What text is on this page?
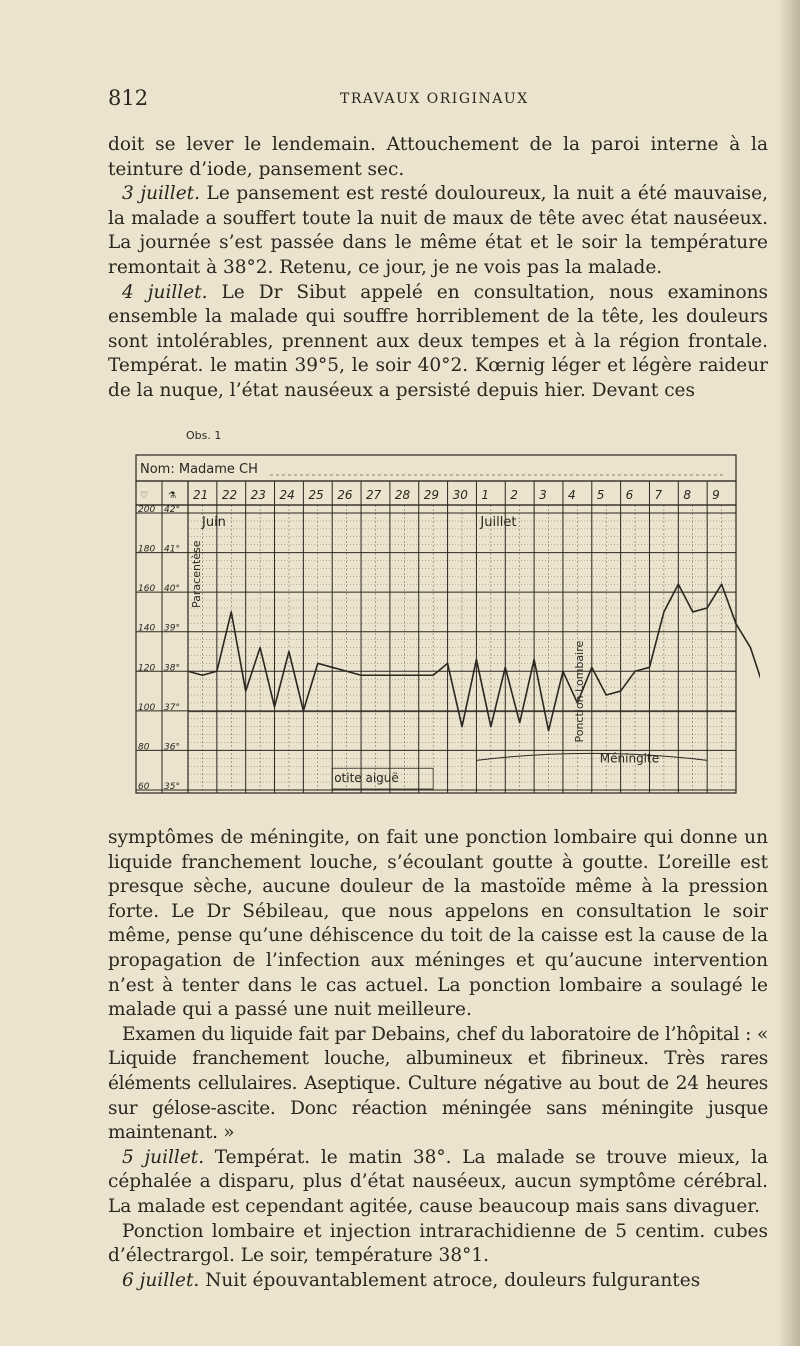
812	TRAVAUX ORIGINAUX

doit se lever le lendemain. Attouchement de la paroi interne à la teinture d’iode, pansement sec.

3 juillet. Le pansement est resté douloureux, la nuit a été mauvaise, la malade a souffert toute la nuit de maux de tête avec état nauséeux. La journée s’est passée dans le même état et le soir la température remontait à 38°2. Retenu, ce jour, je ne vois pas la malade.

4 juillet. Le Dr Sibut appelé en consultation, nous examinons ensemble la malade qui souffre horriblement de la tête, les douleurs sont intolérables, prennent aux deux tempes et à la région frontale. Températ. le matin 39°5, le soir 40°2. Kœrnig léger et légère raideur de la nuque, l’état nauséeux a persisté depuis hier. Devant ces

Obs. 1
Nom: Madame CH
♡ ⚗ 21 22 23 24 25 26 27 28 29 30 1 2 3 4 5 6 7 8 9
200 42°
180 41°
160 40°
140 39°
120 38°
100 37°
80 36°
60 35°
Juin	Juillet
Paracentèse
otite aiguë
Ponction Lombaire
Méningite

symptômes de méningite, on fait une ponction lombaire qui donne un liquide franchement louche, s’écoulant goutte à goutte. L’oreille est presque sèche, aucune douleur de la mastoïde même à la pression forte. Le Dr Sébileau, que nous appelons en consultation le soir même, pense qu’une déhiscence du toit de la caisse est la cause de la propagation de l’infection aux méninges et qu’aucune intervention n’est à tenter dans le cas actuel. La ponction lombaire a soulagé le malade qui a passé une nuit meilleure.

Examen du liquide fait par Debains, chef du laboratoire de l’hôpital : « Liquide franchement louche, albumineux et fibrineux. Très rares éléments cellulaires. Aseptique. Culture négative au bout de 24 heures sur gélose-ascite. Donc réaction méningée sans méningite jusque maintenant. »

5 juillet. Températ. le matin 38°. La malade se trouve mieux, la céphalée a disparu, plus d’état nauséeux, aucun symptôme cérébral. La malade est cependant agitée, cause beaucoup mais sans divaguer.

Ponction lombaire et injection intrarachidienne de 5 centim. cubes d’électrargol. Le soir, température 38°1.

6 juillet. Nuit épouvantablement atroce, douleurs fulgurantes
